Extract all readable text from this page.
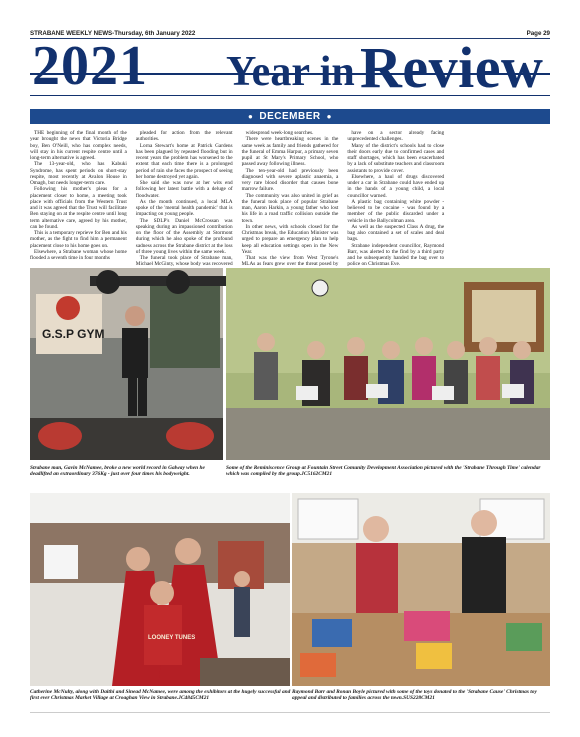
STRABANE WEEKLY NEWS-Thursday, 6th January 2022	Page 29
2021 Year in Review
● DECEMBER ●

THE beginning of the final month of the year brought the news that Victoria Bridge boy, Ben O'Neill, who has complex needs, will stay in his current respite centre until a long-term alternative is agreed.

The 13-year-old, who has Kabuki Syndrome, has spent periods on short-stay respite, most recently at Avalon House in Omagh, but needs longer-term care.

Following his mother's pleas for a placement closer to home, a meeting took place with officials from the Western Trust and it was agreed that the Trust will facilitate Ben staying on at the respite centre until long term alternative care, agreed by his mother, can be found.

This is a temporary reprieve for Ben and his mother, as the fight to find him a permanent placement close to his home goes on.

Elsewhere, a Strabane woman whose home flooded a seventh time in four months

pleaded for action from the relevant authorities.

Lorna Stewart's home at Patrick Gardens has been plagued by repeated flooding but in recent years the problem has worsened to the extent that each time there is a prolonged period of rain she faces the prospect of seeing her home destroyed yet again.

She said she was now at her wits end following her latest battle with a deluge of floodwater.

As the month continued, a local MLA spoke of the 'mental health pandemic' that is impacting on young people.

The SDLP's Daniel McCrossan was speaking during an impassioned contribution on the floor of the Assembly at Stormont during which he also spoke of the profound sadness across the Strabane district at the loss of three young lives within the same week.

The funeral took place of Strabane man, Michael McGinty, whose body was recovered

widespread week-long searches.

There were heartbreaking scenes in the same week as family and friends gathered for the funeral of Emma Harpur, a primary seven pupil at St Mary's Primary School, who passed away following illness.

The ten-year-old had previously been diagnosed with severe aplastic anaemia, a very rare blood disorder that causes bone marrow failure.

The community was also united in grief as the funeral took place of popular Strabane man, Aaron Harkin, a young father who lost his life in a road traffic collision outside the town.

In other news, with schools closed for the Christmas break, the Education Minister was urged to prepare an emergency plan to help keep all education settings open in the New Year.

That was the view from West Tyrone's MLAs as fears grew over the threat posed by

have on a sector already facing unprecedented challenges.

Many of the district's schools had to close their doors early due to confirmed cases and staff shortages, which has been exacerbated by a lack of substitute teachers and classroom assistants to provide cover.

Elsewhere, a haul of drugs discovered under a car in Strabane could have ended up in the hands of a young child, a local councillor warned.

A plastic bag containing white powder - believed to be cocaine - was found by a member of the public discarded under a vehicle in the Ballycolman area.

As well as the suspected Class A drug, the bag also contained a set of scales and deal bags.

Strabane independent councillor, Raymond Barr, was alerted to the find by a third party and he subsequently handed the bag over to police on Christmas Eve.

G.S.P GYM
Strabane man, Gavin McNamee, broke a new world record in Galway when he deadlifted an extraordinary 376Kg - just over four times his bodyweight.
Some of the Reminiscence Group at Fountain Street Comunity Development Association pictured with the 'Strabane Through Time' calendar which was compiled by the group.JC5162CM21
LOONEY TUNES
Catherine McNulty, along with Daithi and Sinead McNamee, were among the exhibitors at the hugely successful and first ever Christmas Market Village at Croaghan View in Strabane.JC4845CM21
Raymond Barr and Ronan Boyle pictured with some of the toys donated to the 'Strabane Cause' Christmas toy appeal and distributed to families across the town.SUS228CM21
